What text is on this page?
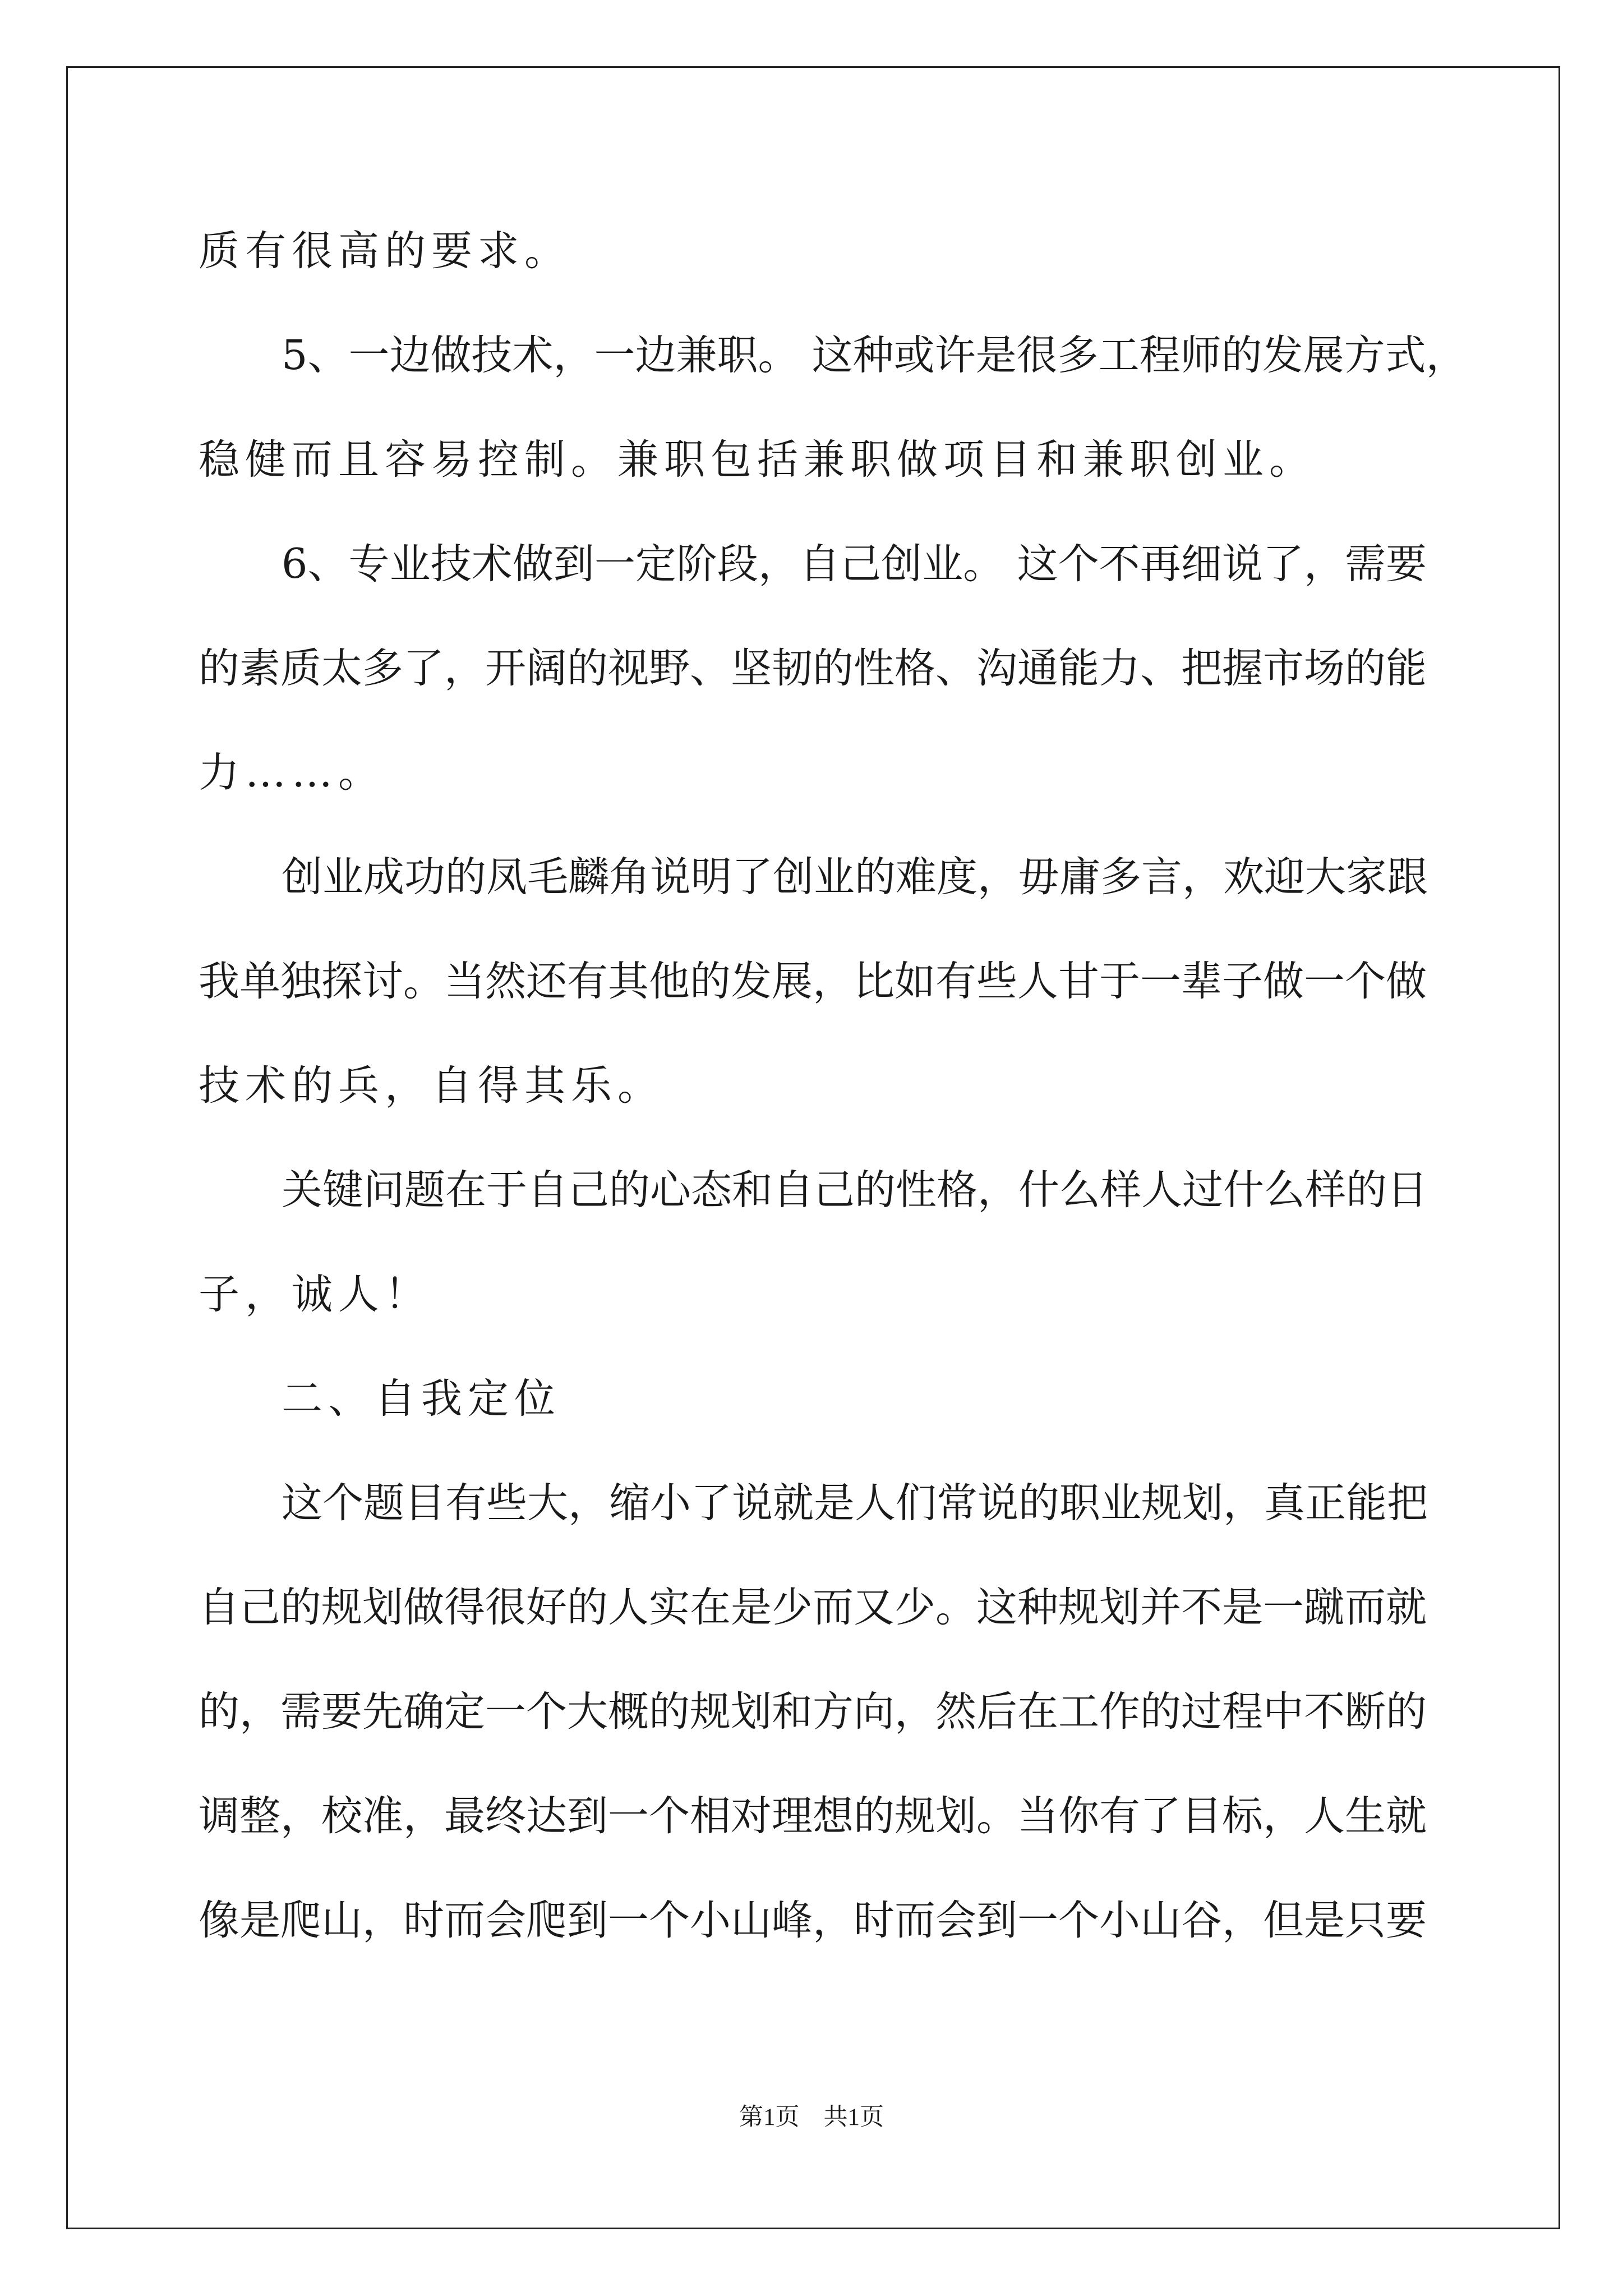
质有很高的要求。
5、一边做技术，一边兼职。 这种或许是很多工程师的发展方式，
稳健而且容易控制。兼职包括兼职做项目和兼职创业。
6、专业技术做到一定阶段，自己创业。 这个不再细说了，需要
的素质太多了，开阔的视野、坚韧的性格、沟通能力、把握市场的能
力……。
创业成功的凤毛麟角说明了创业的难度，毋庸多言，欢迎大家跟
我单独探讨。当然还有其他的发展，比如有些人甘于一辈子做一个做
技术的兵，自得其乐。
关键问题在于自己的心态和自己的性格，什么样人过什么样的日
子，诚人！
二、自我定位
这个题目有些大，缩小了说就是人们常说的职业规划，真正能把
自己的规划做得很好的人实在是少而又少。这种规划并不是一蹴而就
的，需要先确定一个大概的规划和方向，然后在工作的过程中不断的
调整，校准，最终达到一个相对理想的规划。当你有了目标，人生就
像是爬山，时而会爬到一个小山峰，时而会到一个小山谷，但是只要
第1页　共1页
